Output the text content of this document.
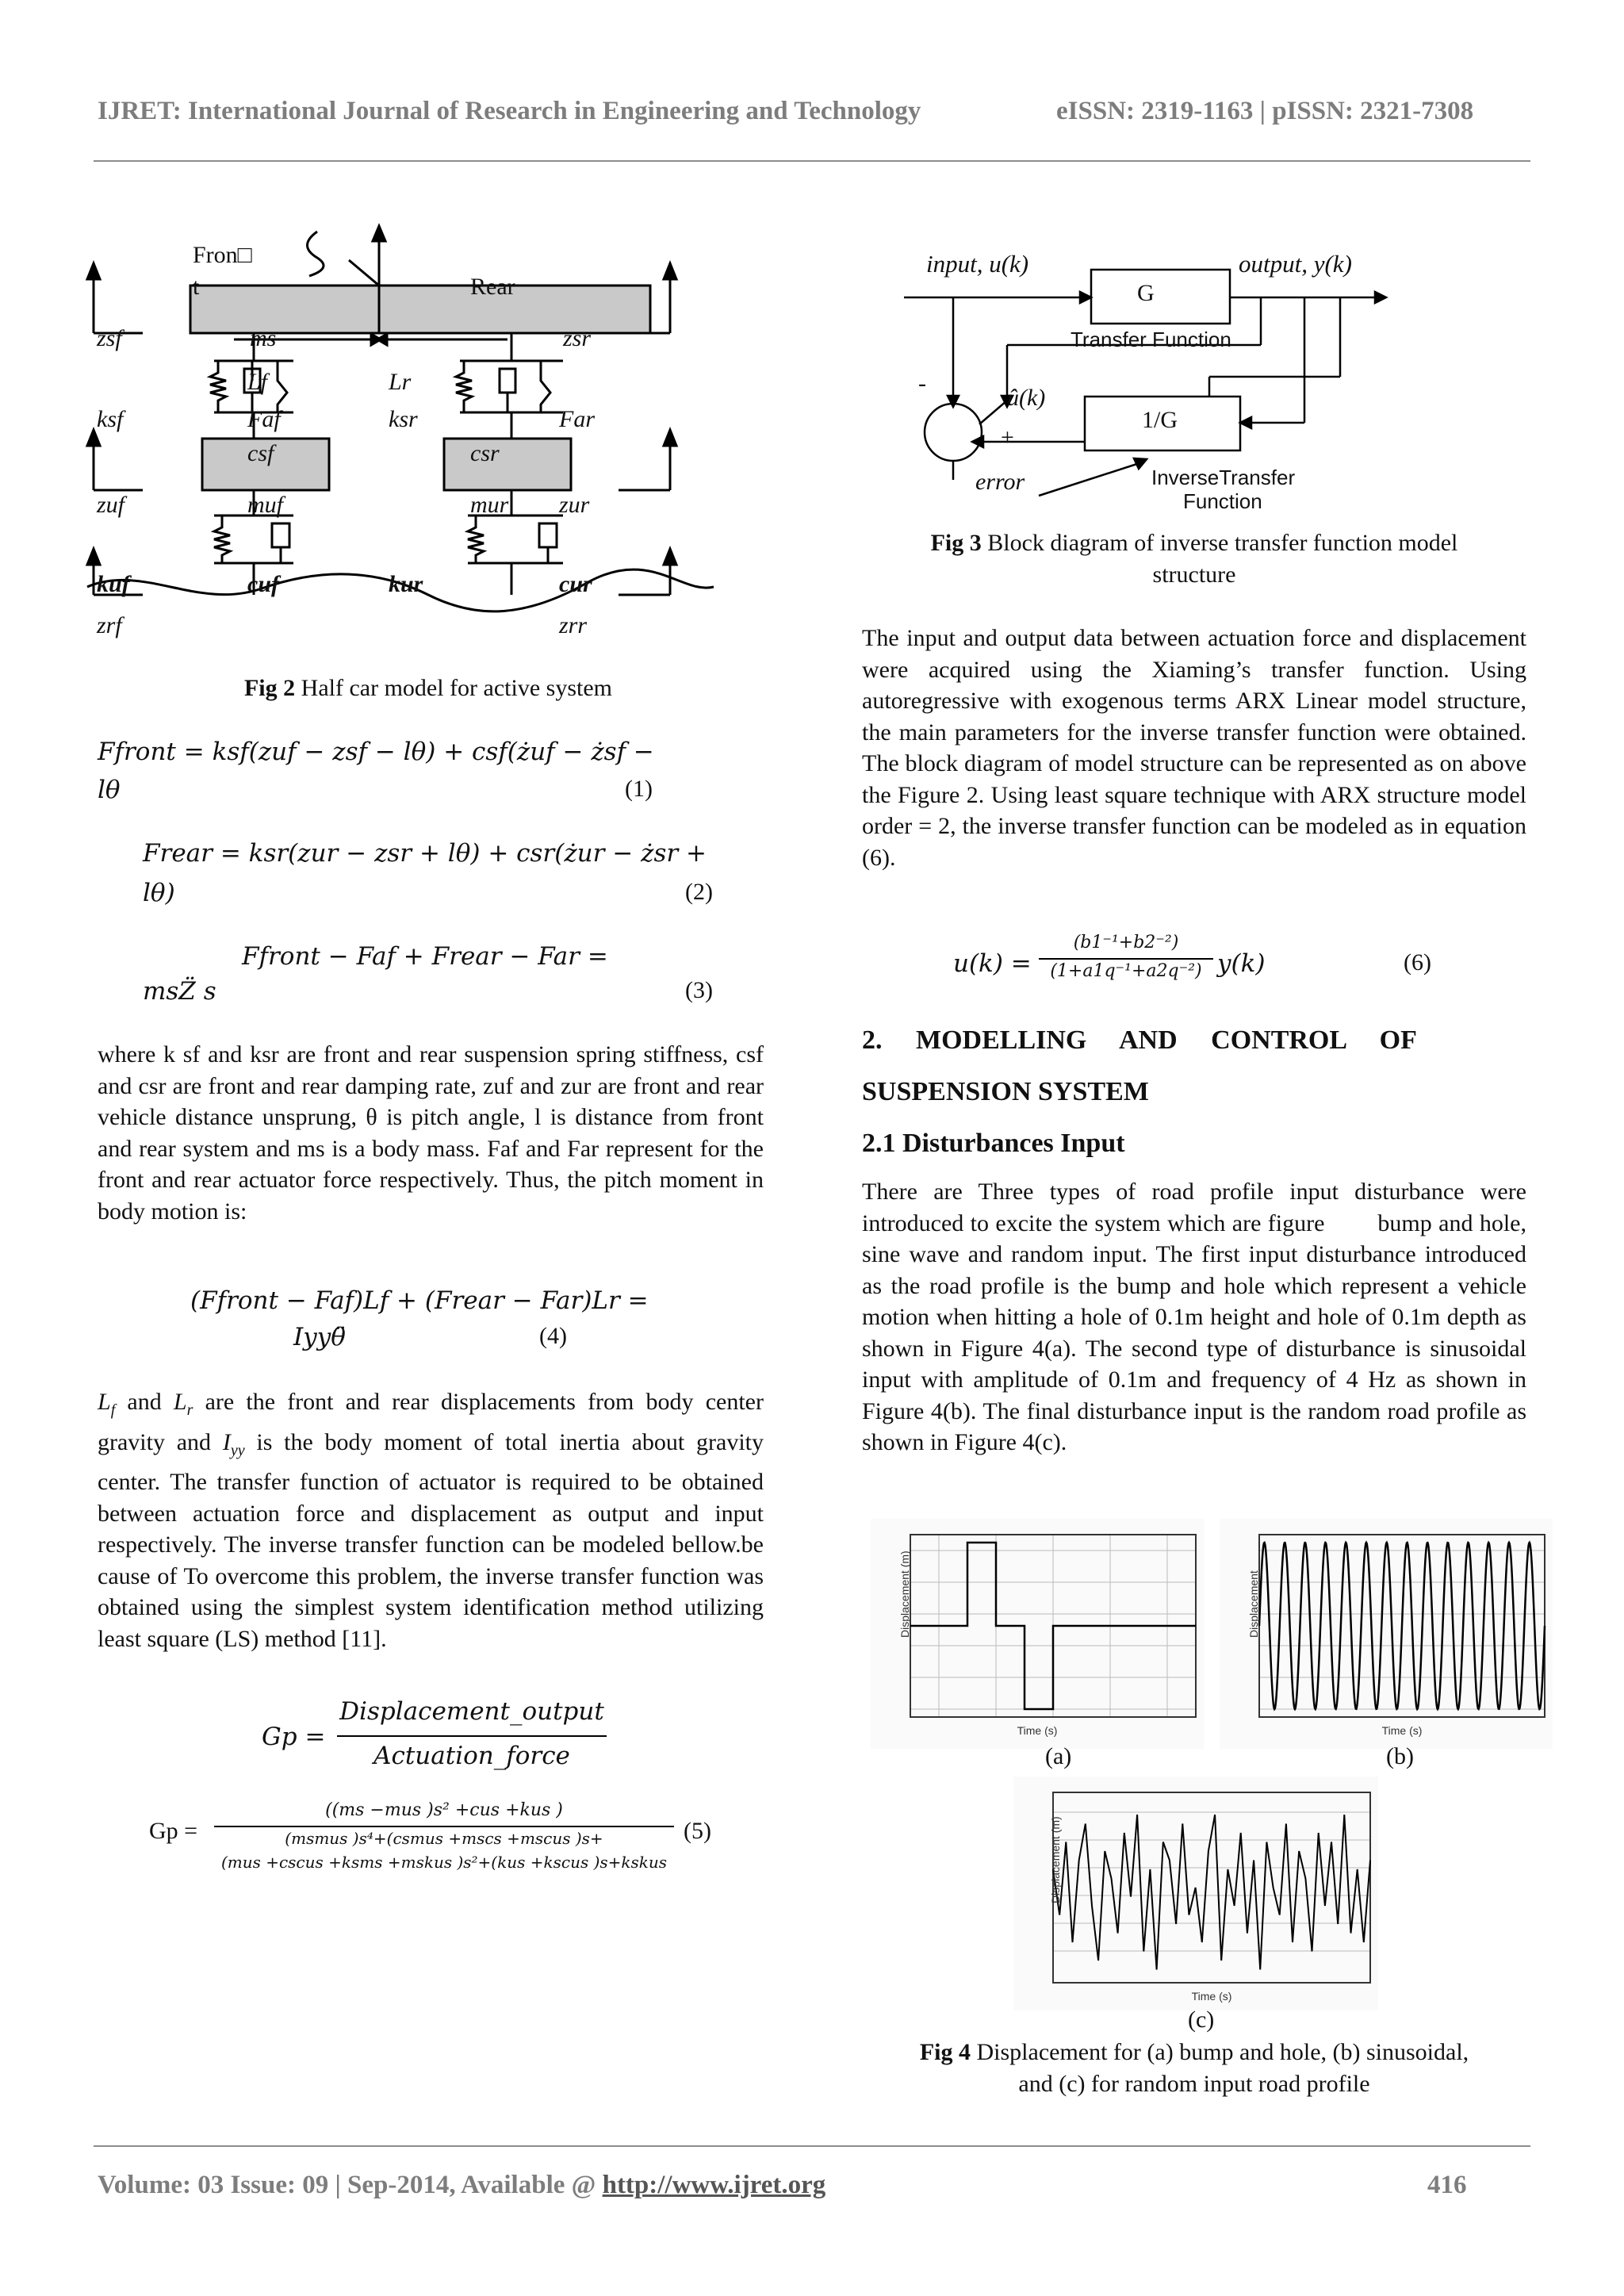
IJRET: International Journal of Research in Engineering and Technology	eISSN: 2319-1163 | pISSN: 2321-7308
Fron□
t	Rear
zsf	ms	zsr
Lf	Lr
ksf	Faf	ksr	Far
csf	csr
zuf	muf	mur zur
kuf	cuf	kur	cur
zrf	zrr
Fig 2 Half car model for active system
Ffront = ksf(zuf − zsf − lθ) + csf(żuf − żsf −
lθ	(1)
Frear = ksr(zur − zsr + lθ) + csr(żur − żsr +
lθ)	(2)
Ffront − Faf + Frear − Far =
msZ̈ s	(3)
where k sf and ksr are front and rear suspension spring stiffness, csf and csr are front and rear damping rate, zuf and zur are front and rear vehicle distance unsprung, θ is pitch angle, l is distance from front and rear system and ms is a body mass. Faf and Far represent for the front and rear actuator force respectively. Thus, the pitch moment in body motion is:
(Ffront − Faf)Lf + (Frear − Far)Lr =
Iyyθ̈	(4)
$L_f$ and $L_r$ are the front and rear displacements from body center gravity and $I_{yy}$ is the body moment of total inertia about gravity center. The transfer function of actuator is required to be obtained between actuation force and displacement as output and input respectively. The inverse transfer function can be modeled bellow.be cause of To overcome this problem, the inverse transfer function was obtained using the simplest system identification method utilizing least square (LS) method [11].
Gp =
Displacement_output
Actuation_force
Gp =
((ms −mus )s² +cus +kus )
(msmus )s⁴+(csmus +mscs +mscus )s+
(mus +cscus +ksms +mskus )s²+(kus +kscus )s+kskus
(5)
input, u(k)	output, y(k)
G
Transfer Function
-
û(k)
+
1/G
error	InverseTransfer
Function
Fig 3 Block diagram of inverse transfer function model
structure
The input and output data between actuation force and displacement were acquired using the Xiaming’s transfer function. Using autoregressive with exogenous terms ARX Linear model structure, the main parameters for the inverse transfer function were obtained. The block diagram of model structure can be represented as on above the Figure 2. Using least square technique with ARX structure model order = 2, the inverse transfer function can be modeled as in equation (6).
u(k) =
(b1⁻¹+b2⁻²)
(1+a1q⁻¹+a2q⁻²) y(k)	(6)
2.     MODELLING     AND     CONTROL     OF
SUSPENSION SYSTEM
2.1 Disturbances Input
There are Three types of road profile input disturbance were introduced to excite the system which are figure        bump and hole, sine wave and random input. The first input disturbance introduced as the road profile is the bump and hole which represent a vehicle motion when hitting a hole of 0.1m height and hole of 0.1m depth as shown in Figure 4(a). The second type of disturbance is sinusoidal input with amplitude of 0.1m and frequency of 4 Hz as shown in Figure 4(b). The final disturbance input is the random road profile as shown in Figure 4(c).
Displacement (m)
Time (s)
(a)
Displacement
Time (s)
(b)
Displacement (m)
Time (s)
(c)
Fig 4 Displacement for (a) bump and hole, (b) sinusoidal,
and (c) for random input road profile
Volume: 03 Issue: 09 | Sep-2014, Available @ http://www.ijret.org	416
